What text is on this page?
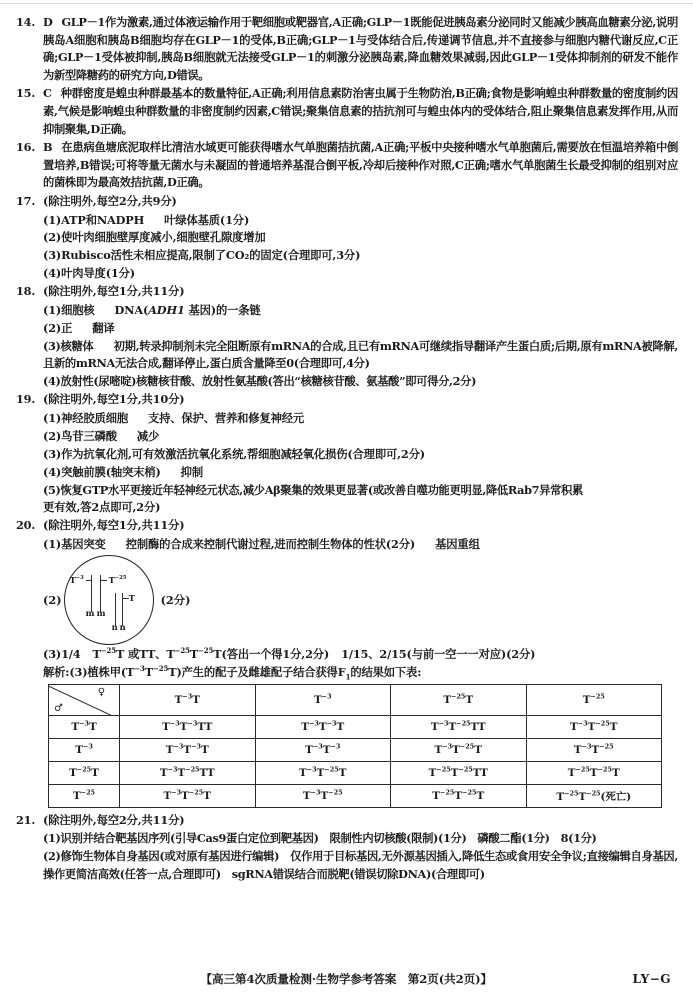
14. D GLP－1作为激素,通过体液运输作用于靶细胞或靶器官,A正确;GLP－1既能促进胰岛素分泌同时又能减少胰高血糖素分泌,说明胰岛A细胞和胰岛B细胞均存在GLP－1的受体,B正确;GLP－1与受体结合后,传递调节信息,并不直接参与细胞内糖代谢反应,C正确;GLP－1受体被抑制,胰岛B细胞就无法接受GLP－1的刺激分泌胰岛素,降血糖效果减弱,因此GLP－1受体抑制剂的研发不能作为新型降糖药的研究方向,D错误。
15. C 种群密度是蝗虫种群最基本的数量特征,A正确;利用信息素防治害虫属于生物防治,B正确;食物是影响蝗虫种群数量的密度制约因素,气候是影响蝗虫种群数量的非密度制约因素,C错误;聚集信息素的拮抗剂可与蝗虫体内的受体结合,阻止聚集信息素发挥作用,从而抑制聚集,D正确。
16. B 在患病鱼塘底泥取样比清洁水域更可能获得嗜水气单胞菌拮抗菌,A正确;平板中央接种嗜水气单胞菌后,需要放在恒温培养箱中倒置培养,B错误;可将等量无菌水与未凝固的普通培养基混合倒平板,冷却后接种作对照,C正确;嗜水气单胞菌生长最受抑制的组别对应的菌株即为最高效拮抗菌,D正确。
17. (除注明外,每空2分,共9分)
(1)ATP和NADPH 叶绿体基质(1分)
(2)使叶肉细胞壁厚度减小,细胞壁孔隙度增加
(3)Rubisco活性未相应提高,限制了CO₂的固定(合理即可,3分)
(4)叶肉导度(1分)
18. (除注明外,每空1分,共11分)
(1)细胞核 DNA(ADH1 基因)的一条链
(2)正 翻译
(3)核糖体 初期,转录抑制剂未完全阻断原有mRNA的合成,且已有mRNA可继续指导翻译产生蛋白质;后期,原有mRNA被降解,且新的mRNA无法合成,翻译停止,蛋白质含量降至0(合理即可,4分)
(4)放射性(尿嘧啶)核糖核苷酸、放射性氨基酸(答出“核糖核苷酸、氨基酸”即可得分,2分)
19. (除注明外,每空1分,共10分)
(1)神经胶质细胞 支持、保护、营养和修复神经元
(2)鸟苷三磷酸 减少
(3)作为抗氧化剂,可有效激活抗氧化系统,帮细胞减轻氧化损伤(合理即可,2分)
(4)突触前膜(轴突末梢) 抑制
(5)恢复GTP水平更接近年轻神经元状态,减少Aβ聚集的效果更显著(或改善自噬功能更明显,降低Rab7异常积累
更有效,答2点即可,2分)
20. (除注明外,每空1分,共11分)
(1)基因突变 控制酶的合成来控制代谢过程,进而控制生物体的性状(2分) 基因重组
(2)
$T^{-3}$	$T^{-25}$
m m
T
n n
(2分)
(3)1/4 $T^{-25}T$ 或TT、$T^{-25}T^{-25}T$(答出一个得1分,2分) 1/15、2/15(与前一空一一对应)(2分)
解析:(3)植株甲$(T^{-3}T^{-25}T)$产生的配子及雌雄配子结合获得$F_1$的结果如下表:
♀
♂	$T^{-3}T$	$T^{-3}$	$T^{-25}T$	$T^{-25}$
$T^{-3}T$	$T^{-3}T^{-3}TT$	$T^{-3}T^{-3}T$	$T^{-3}T^{-25}TT$	$T^{-3}T^{-25}T$
$T^{-3}$	$T^{-3}T^{-3}T$	$T^{-3}T^{-3}$	$T^{-3}T^{-25}T$	$T^{-3}T^{-25}$
$T^{-25}T$	$T^{-3}T^{-25}TT$	$T^{-3}T^{-25}T$	$T^{-25}T^{-25}TT$	$T^{-25}T^{-25}T$
$T^{-25}$	$T^{-3}T^{-25}T$	$T^{-3}T^{-25}$	$T^{-25}T^{-25}T$	$T^{-25}T^{-25}$(死亡)
21. (除注明外,每空2分,共11分)
(1)识别并结合靶基因序列(引导Cas9蛋白定位到靶基因)　限制性内切核酸(限制)(1分)　磷酸二酯(1分)　8(1分)
(2)修饰生物体自身基因(或对原有基因进行编辑)　仅作用于目标基因,无外源基因插入,降低生态或食用安全争议;直接编辑自身基因,操作更简洁高效(任答一点,合理即可)　sgRNA错误结合而脱靶(错误切除DNA)(合理即可)
【高三第4次质量检测·生物学参考答案　第2页(共2页)】	LY−G
